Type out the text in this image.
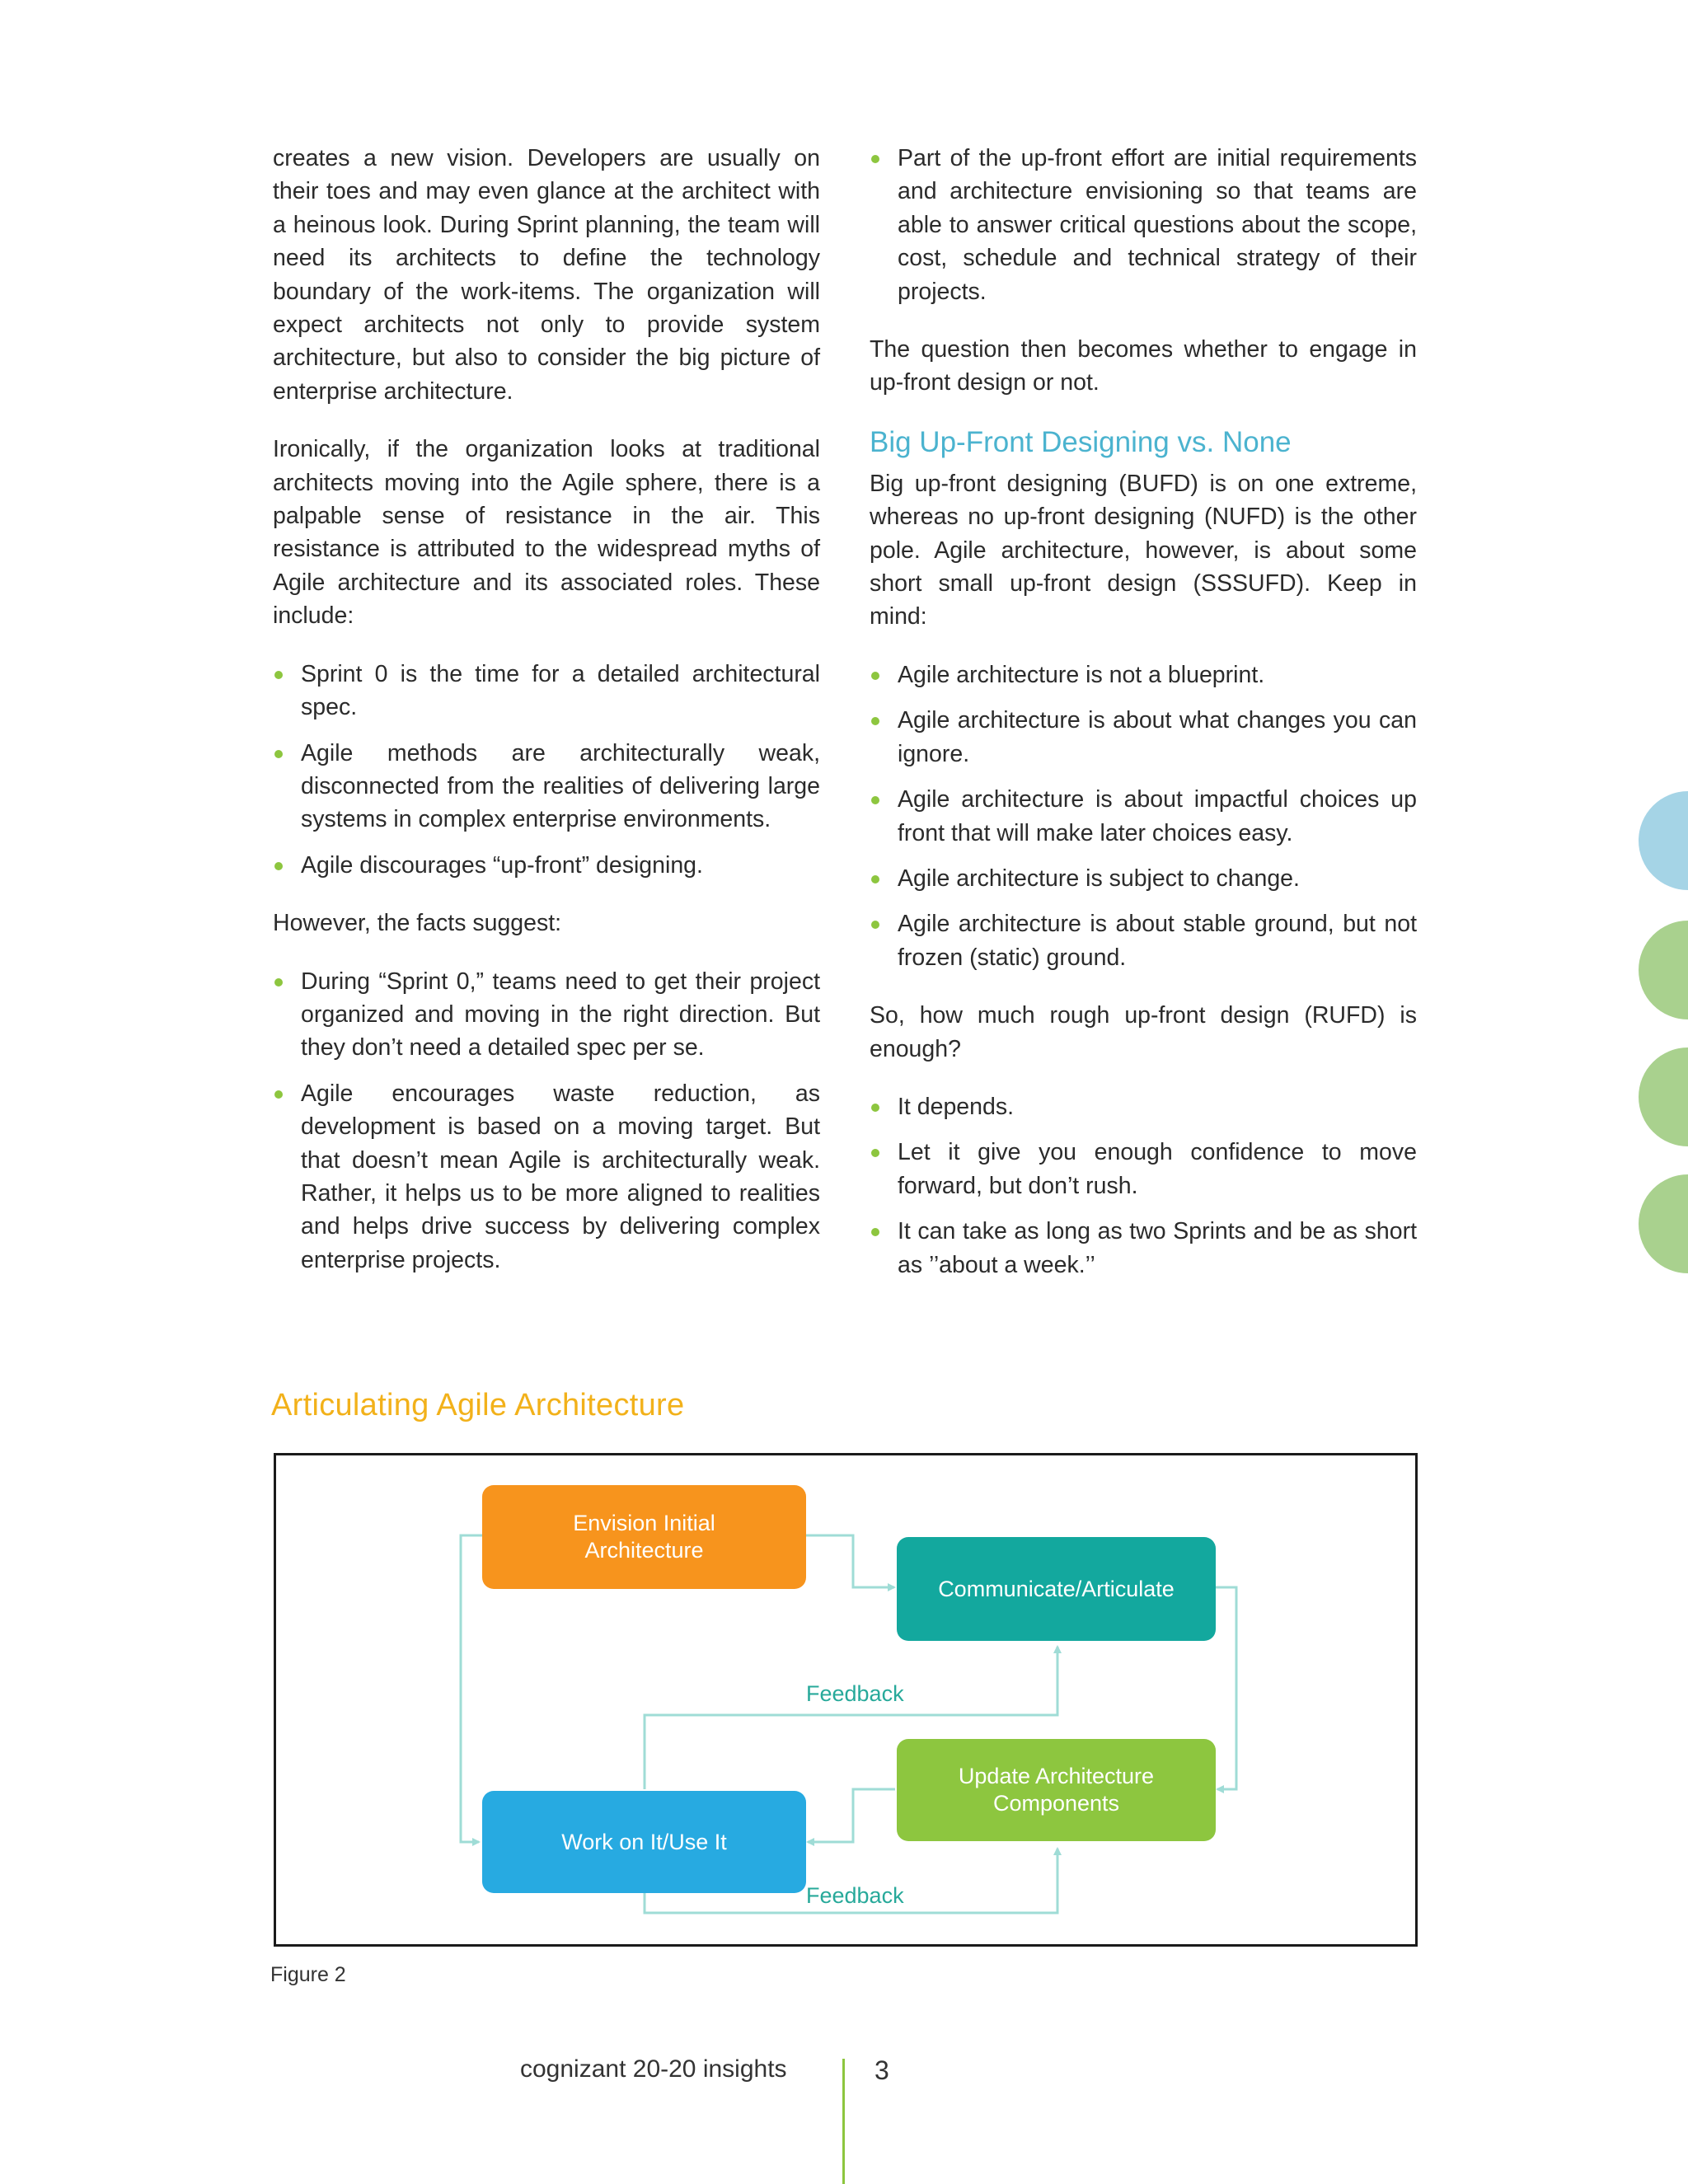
creates a new vision. Developers are usually on their toes and may even glance at the architect with a heinous look. During Sprint planning, the team will need its architects to define the technology boundary of the work-items. The organization will expect architects not only to provide system architecture, but also to consider the big picture of enterprise architecture.

Ironically, if the organization looks at traditional architects moving into the Agile sphere, there is a palpable sense of resistance in the air. This resistance is attributed to the widespread myths of Agile architecture and its associated roles. These include:

Sprint 0 is the time for a detailed architectural spec.
Agile methods are architecturally weak, disconnected from the realities of delivering large systems in complex enterprise environments.
Agile discourages “up-front” designing.

However, the facts suggest:

During “Sprint 0,” teams need to get their project organized and moving in the right direction. But they don’t need a detailed spec per se.
Agile encourages waste reduction, as development is based on a moving target. But that doesn’t mean Agile is architecturally weak. Rather, it helps us to be more aligned to realities and helps drive success by delivering complex enterprise projects.
Part of the up-front effort are initial requirements and architecture envisioning so that teams are able to answer critical questions about the scope, cost, schedule and technical strategy of their projects.

The question then becomes whether to engage in up-front design or not.

Big Up-Front Designing vs. None

Big up-front designing (BUFD) is on one extreme, whereas no up-front designing (NUFD) is the other pole. Agile architecture, however, is about some short small up-front design (SSSUFD). Keep in mind:

Agile architecture is not a blueprint.
Agile architecture is about what changes you can ignore.
Agile architecture is about impactful choices up front that will make later choices easy.
Agile architecture is subject to change.
Agile architecture is about stable ground, but not frozen (static) ground.

So, how much rough up-front design (RUFD) is enough?

It depends.
Let it give you enough confidence to move forward, but don’t rush.
It can take as long as two Sprints and be as short as ’’about a week.’’
Articulating Agile Architecture
Envision Initial Architecture
Communicate/Articulate
Update Architecture Components
Work on It/Use It
Feedback
Feedback
Figure 2
cognizant 20-20 insights	3
